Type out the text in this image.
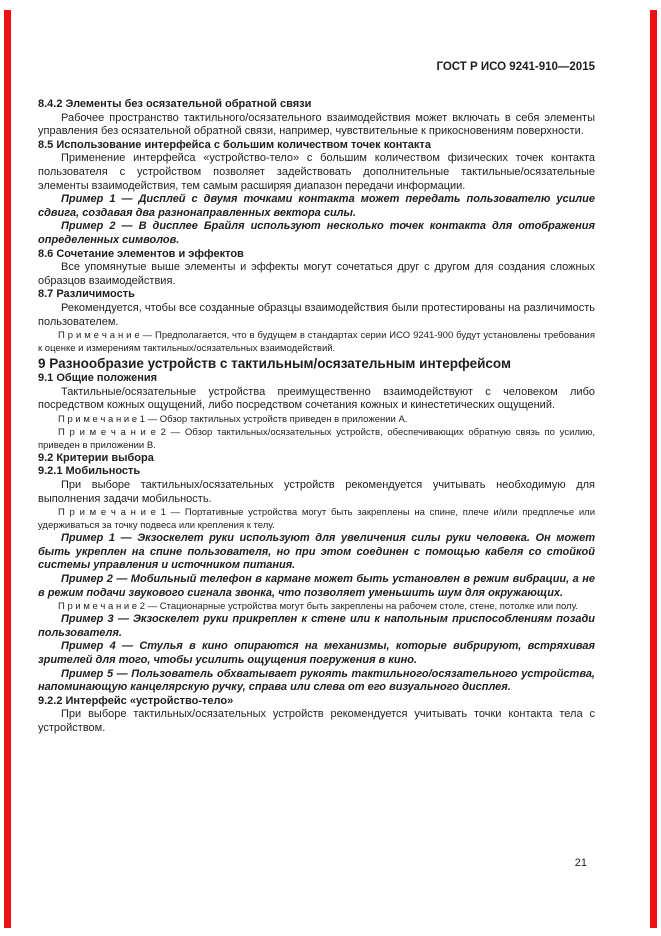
ГОСТ Р ИСО 9241-910—2015
8.4.2 Элементы без осязательной обратной связи
Рабочее пространство тактильного/осязательного взаимодействия может включать в себя элементы управления без осязательной обратной связи, например, чувствительные к прикосновениям поверхности.
8.5 Использование интерфейса с большим количеством точек контакта
Применение интерфейса «устройство-тело» с большим количеством физических точек контакта пользователя с устройством позволяет задействовать дополнительные тактильные/осязательные элементы взаимодействия, тем самым расширяя диапазон передачи информации.
Пример 1 — Дисплей с двумя точками контакта может передать пользователю усилие сдвига, создавая два разнонаправленных вектора силы.
Пример 2 — В дисплее Брайля используют несколько точек контакта для отображения определенных символов.
8.6 Сочетание элементов и эффектов
Все упомянутые выше элементы и эффекты могут сочетаться друг с другом для создания сложных образцов взаимодействия.
8.7 Различимость
Рекомендуется, чтобы все созданные образцы взаимодействия были протестированы на различимость пользователем.
П р и м е ч а н и е — Предполагается, что в будущем в стандартах серии ИСО 9241-900 будут установлены требования к оценке и измерениям тактильных/осязательных взаимодействий.
9 Разнообразие устройств с тактильным/осязательным интерфейсом
9.1 Общие положения
Тактильные/осязательные устройства преимущественно взаимодействуют с человеком либо посредством кожных ощущений, либо посредством сочетания кожных и кинестетических ощущений.
П р и м е ч а н и е 1 — Обзор тактильных устройств приведен в приложении А.
П р и м е ч а н и е 2 — Обзор тактильных/осязательных устройств, обеспечивающих обратную связь по усилию, приведен в приложении В.
9.2 Критерии выбора
9.2.1 Мобильность
При выборе тактильных/осязательных устройств рекомендуется учитывать необходимую для выполнения задачи мобильность.
П р и м е ч а н и е 1 — Портативные устройства могут быть закреплены на спине, плече и/или предплечье или удерживаться за точку подвеса или крепления к телу.
Пример 1 — Экзоскелет руки используют для увеличения силы руки человека. Он может быть укреплен на спине пользователя, но при этом соединен с помощью кабеля со стойкой системы управления и источником питания.
Пример 2 — Мобильный телефон в кармане может быть установлен в режим вибрации, а не в режим подачи звукового сигнала звонка, что позволяет уменьшить шум для окружающих.
П р и м е ч а н и е 2 — Стационарные устройства могут быть закреплены на рабочем столе, стене, потолке или полу.
Пример 3 — Экзоскелет руки прикреплен к стене или к напольным приспособлениям позади пользователя.
Пример 4 — Стулья в кино опираются на механизмы, которые вибрируют, встряхивая зрителей для того, чтобы усилить ощущения погружения в кино.
Пример 5 — Пользователь обхватывает рукоять тактильного/осязательного устройства, напоминающую канцелярскую ручку, справа или слева от его визуального дисплея.
9.2.2 Интерфейс «устройство-тело»
При выборе тактильных/осязательных устройств рекомендуется учитывать точки контакта тела с устройством.
21
